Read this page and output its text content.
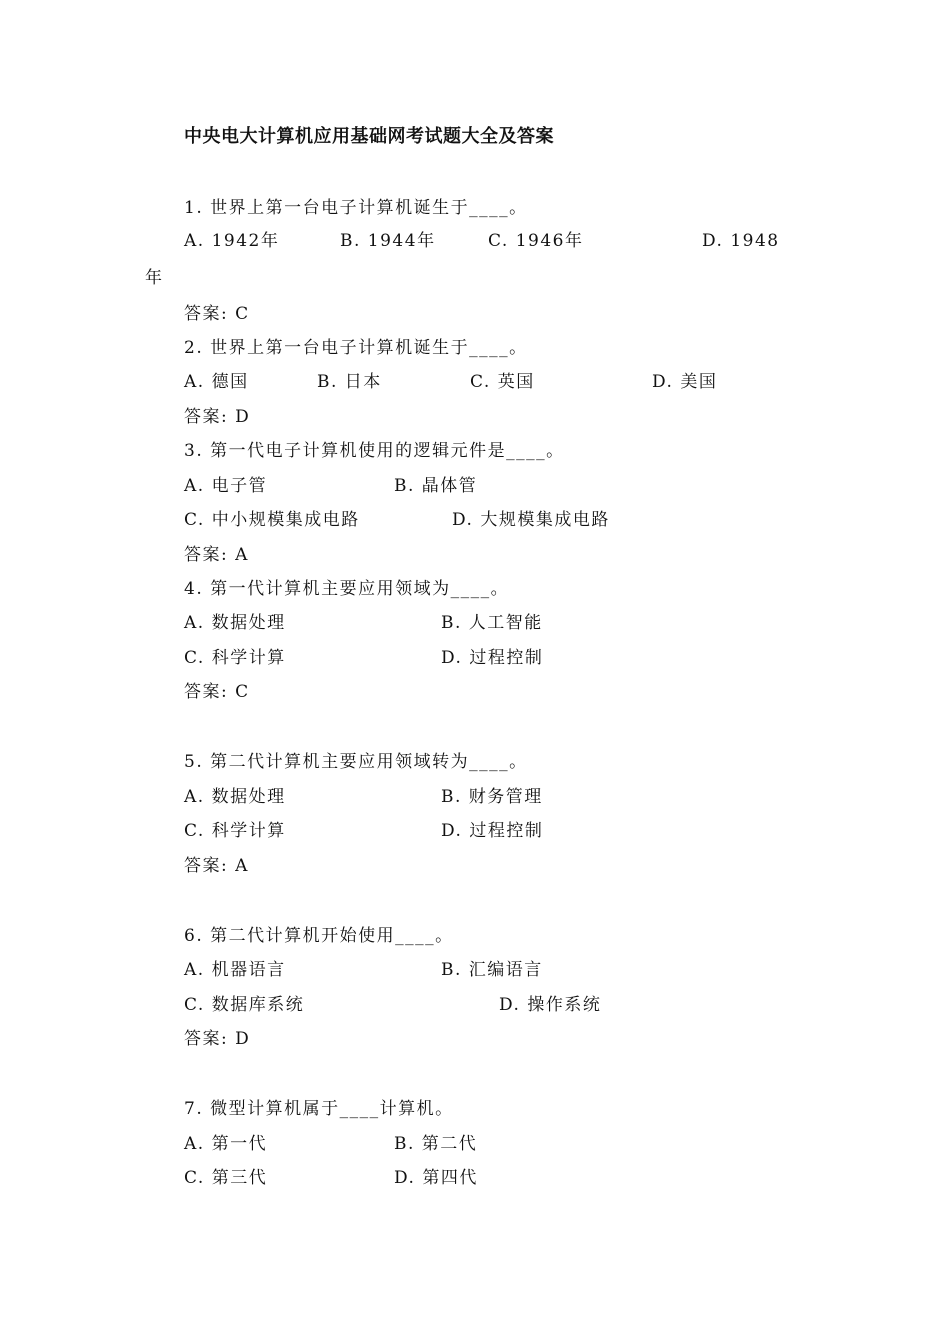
中央电大计算机应用基础网考试题大全及答案
1. 世界上第一台电子计算机诞生于____。
A. 1942年	B. 1944年	C. 1946年	D. 1948
年
答案: C
2. 世界上第一台电子计算机诞生于____。
A. 德国	B. 日本	C. 英国	D. 美国
答案: D
3. 第一代电子计算机使用的逻辑元件是____。
A. 电子管	B. 晶体管
C. 中小规模集成电路	D. 大规模集成电路
答案: A
4. 第一代计算机主要应用领域为____。
A. 数据处理	B. 人工智能
C. 科学计算	D. 过程控制
答案: C
5. 第二代计算机主要应用领域转为____。
A. 数据处理	B. 财务管理
C. 科学计算	D. 过程控制
答案: A
6. 第二代计算机开始使用____。
A. 机器语言	B. 汇编语言
C. 数据库系统	D. 操作系统
答案: D
7. 微型计算机属于____计算机。
A. 第一代	B. 第二代
C. 第三代	D. 第四代
